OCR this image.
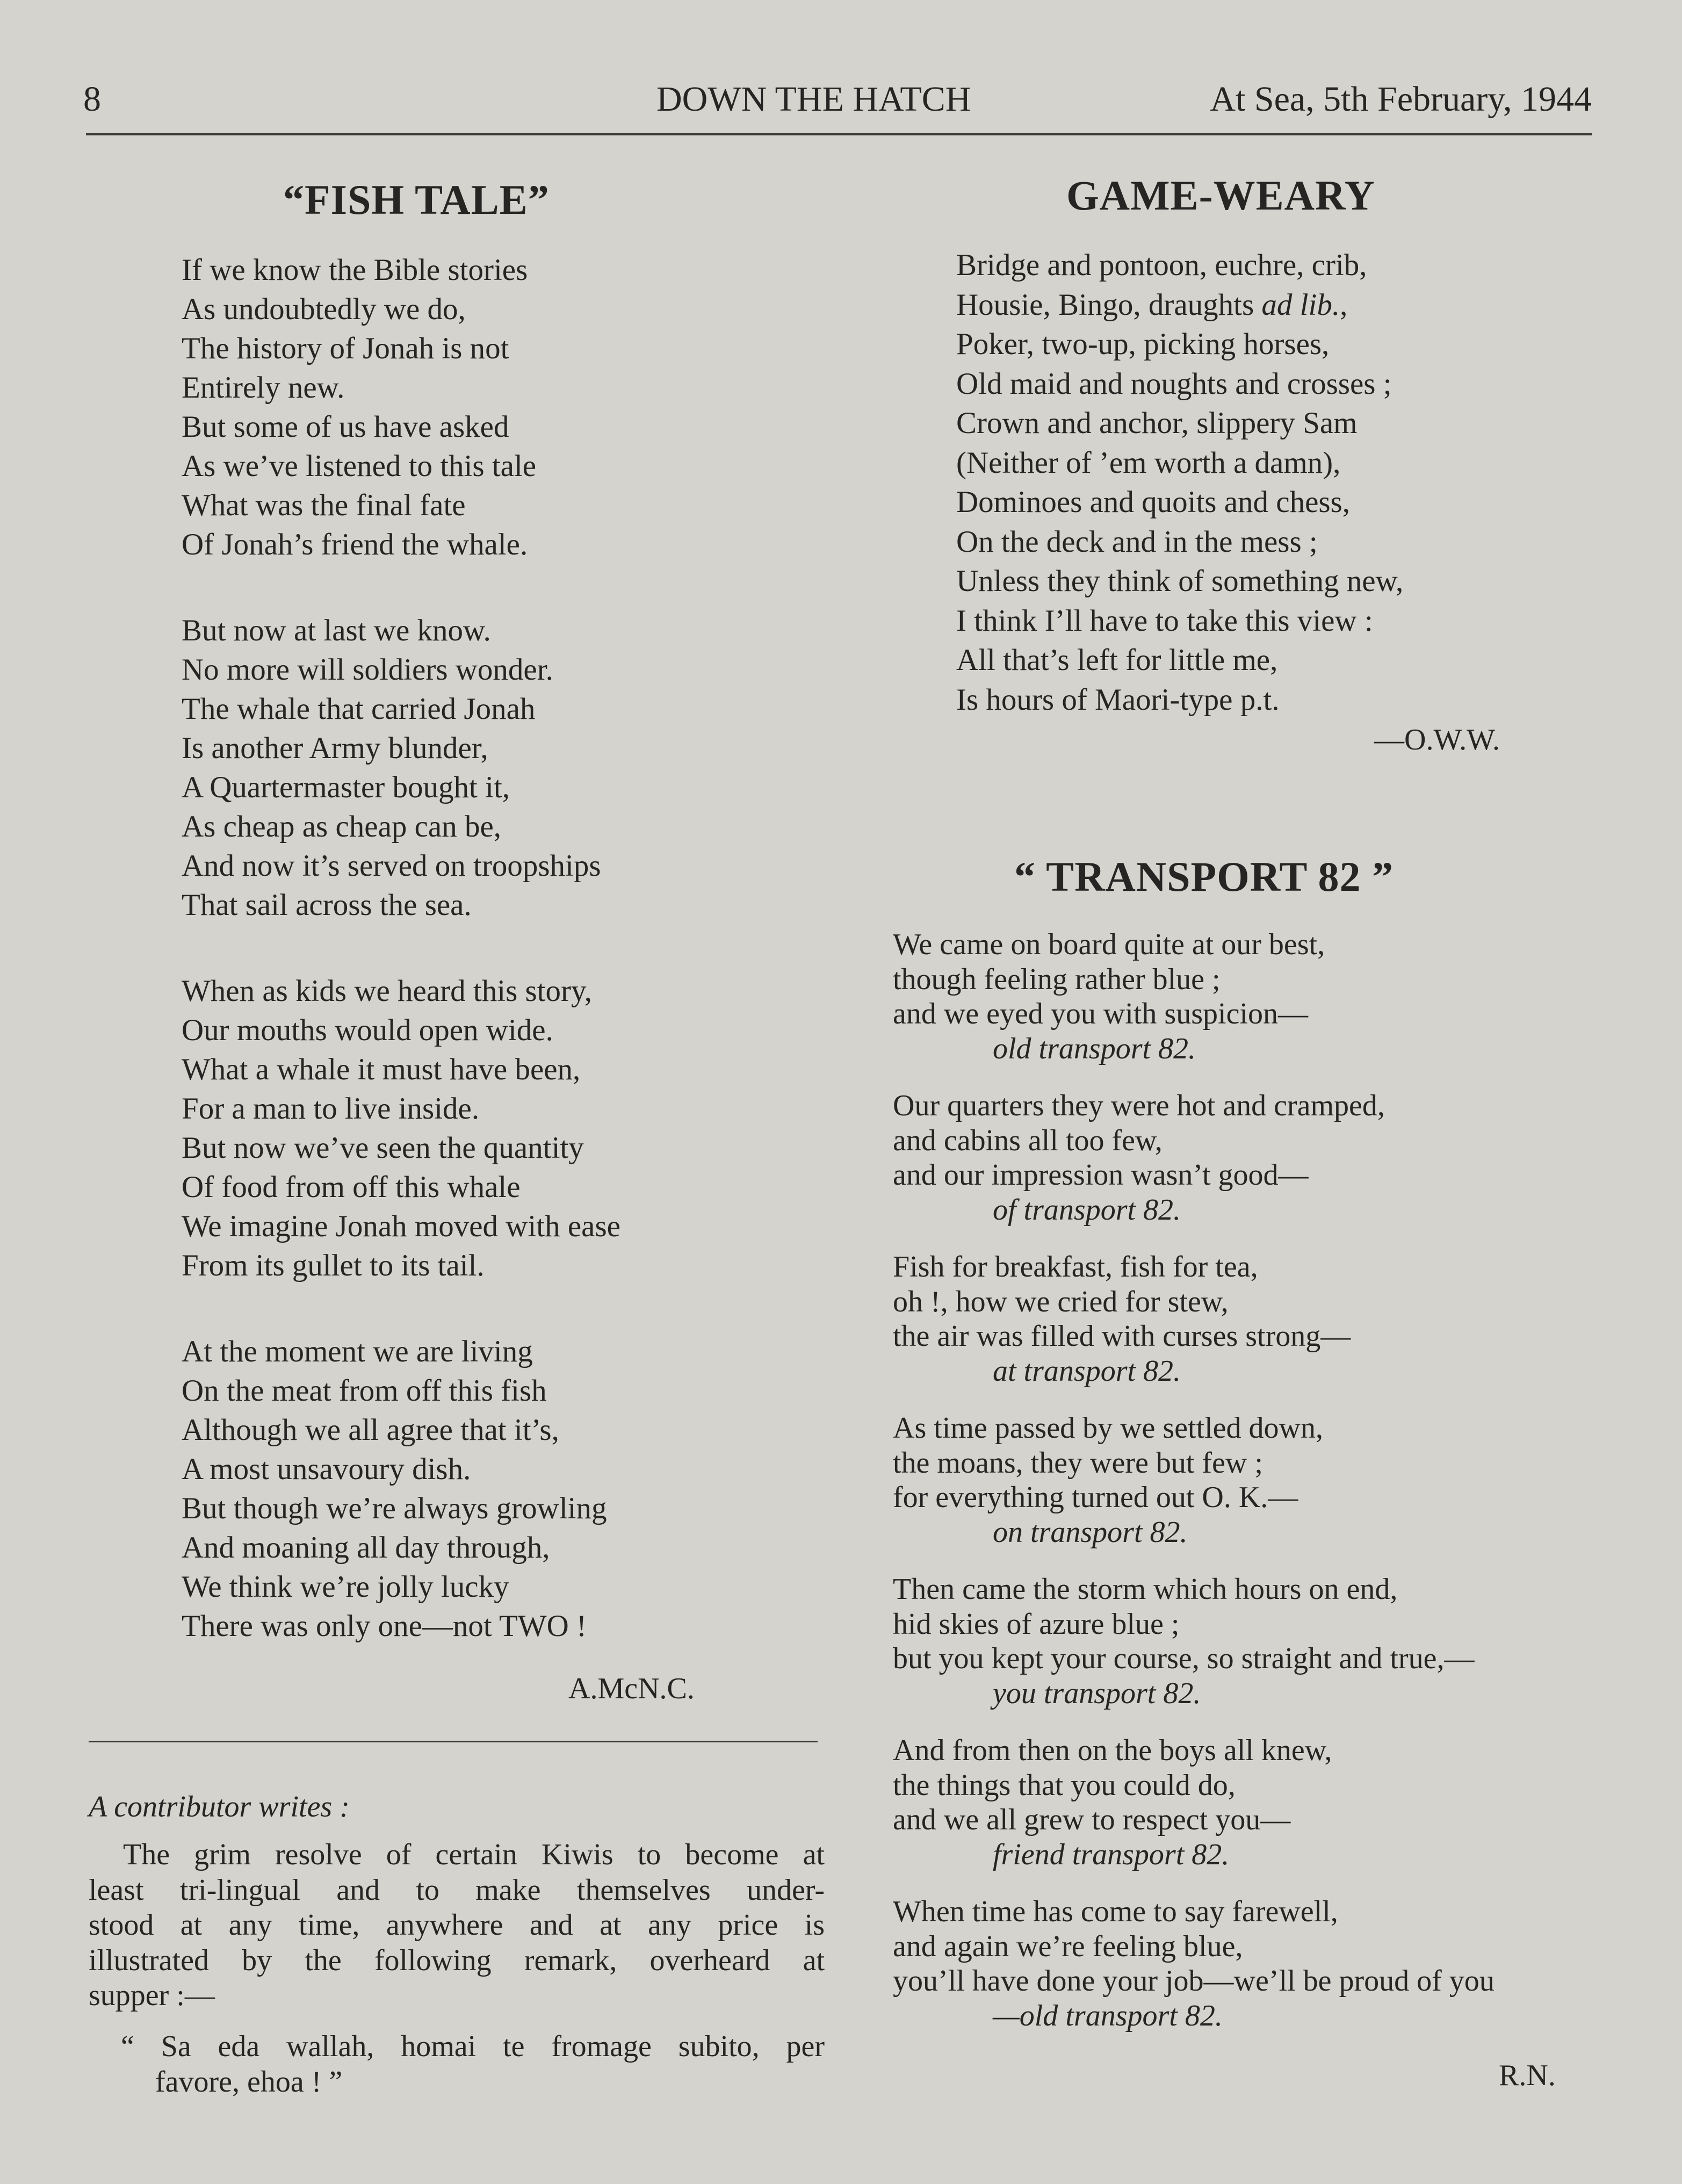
8	DOWN THE HATCH	At Sea, 5th February, 1944
“FISH TALE”
If we know the Bible stories
As undoubtedly we do,
The history of Jonah is not
Entirely new.
But some of us have asked
As we’ve listened to this tale
What was the final fate
Of Jonah’s friend the whale.
But now at last we know.
No more will soldiers wonder.
The whale that carried Jonah
Is another Army blunder,
A Quartermaster bought it,
As cheap as cheap can be,
And now it’s served on troopships
That sail across the sea.
When as kids we heard this story,
Our mouths would open wide.
What a whale it must have been,
For a man to live inside.
But now we’ve seen the quantity
Of food from off this whale
We imagine Jonah moved with ease
From its gullet to its tail.
At the moment we are living
On the meat from off this fish
Although we all agree that it’s,
A most unsavoury dish.
But though we’re always growling
And moaning all day through,
We think we’re jolly lucky
There was only one—not TWO !
A.McN.C.
A contributor writes :
The grim resolve of certain Kiwis to become at
least tri-lingual and to make themselves under-
stood at any time, anywhere and at any price is
illustrated by the following remark, overheard at
supper :—
“ Sa eda wallah, homai te fromage subito, per
favore, ehoa ! ”
GAME-WEARY
Bridge and pontoon, euchre, crib,
Housie, Bingo, draughts ad lib.,
Poker, two-up, picking horses,
Old maid and noughts and crosses ;
Crown and anchor, slippery Sam
(Neither of ’em worth a damn),
Dominoes and quoits and chess,
On the deck and in the mess ;
Unless they think of something new,
I think I’ll have to take this view :
All that’s left for little me,
Is hours of Maori-type p.t.
—O.W.W.
“ TRANSPORT 82 ”
We came on board quite at our best,
though feeling rather blue ;
and we eyed you with suspicion—
old transport 82.
Our quarters they were hot and cramped,
and cabins all too few,
and our impression wasn’t good—
of transport 82.
Fish for breakfast, fish for tea,
oh !, how we cried for stew,
the air was filled with curses strong—
at transport 82.
As time passed by we settled down,
the moans, they were but few ;
for everything turned out O. K.—
on transport 82.
Then came the storm which hours on end,
hid skies of azure blue ;
but you kept your course, so straight and true,—
you transport 82.
And from then on the boys all knew,
the things that you could do,
and we all grew to respect you—
friend transport 82.
When time has come to say farewell,
and again we’re feeling blue,
you’ll have done your job—we’ll be proud of you
—old transport 82.
R.N.
